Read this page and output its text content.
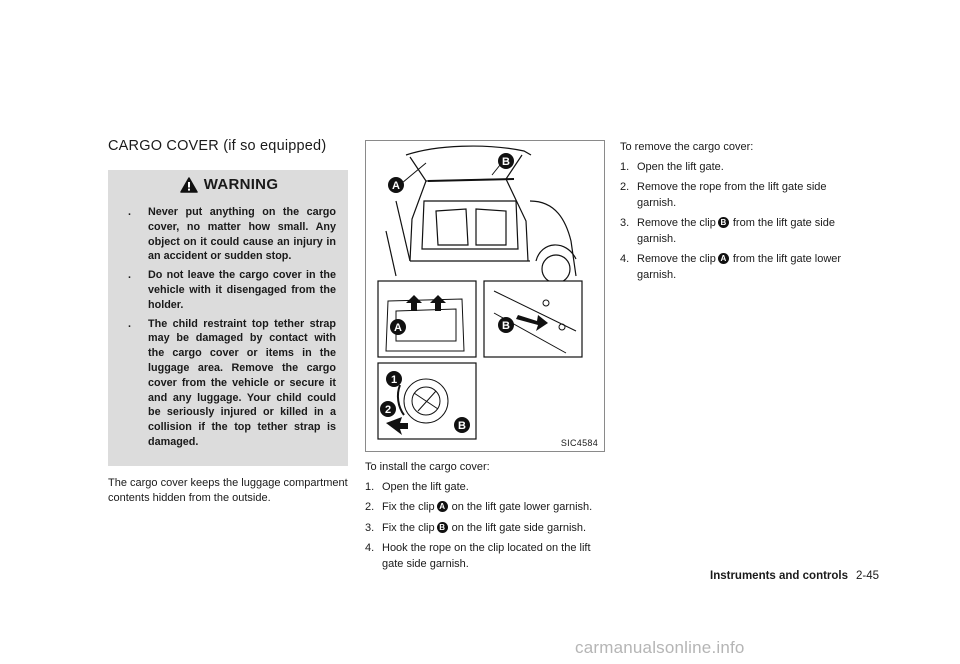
CARGO COVER (if so equipped)
WARNING
. Never put anything on the cargo cover, no matter how small. Any object on it could cause an injury in an accident or sudden stop.
. Do not leave the cargo cover in the vehicle with it disengaged from the holder.
. The child restraint top tether strap may be damaged by contact with the cargo cover or items in the luggage area. Remove the cargo cover from the vehicle or secure it and any luggage. Your child could be seriously injured or killed in a collision if the top tether strap is damaged.
The cargo cover keeps the luggage compartment contents hidden from the outside.
A
B
A	B
1
2
B
SIC4584
To install the cargo cover:
1. Open the lift gate.
2. Fix the clip A on the lift gate lower garnish.
3. Fix the clip B on the lift gate side garnish.
4. Hook the rope on the clip located on the lift gate side garnish.
To remove the cargo cover:
1. Open the lift gate.
2. Remove the rope from the lift gate side garnish.
3. Remove the clip B from the lift gate side garnish.
4. Remove the clip A from the lift gate lower garnish.
Instruments and controls 2-45
carmanualsonline.info
